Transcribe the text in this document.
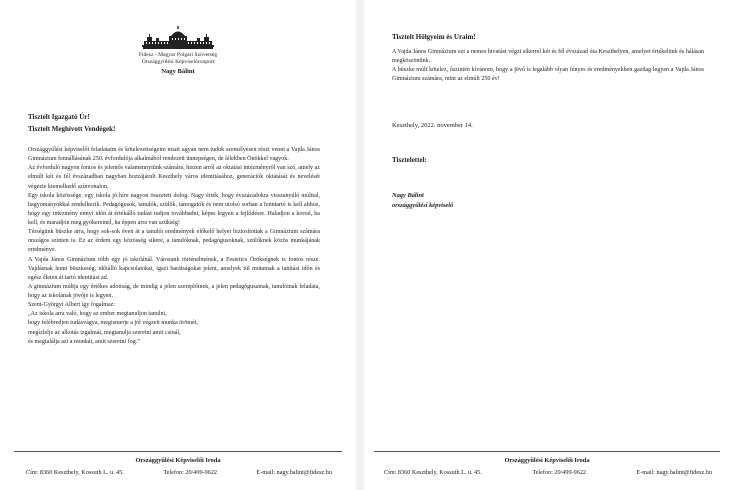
Fidesz - Magyar Polgári Szövetség
Országgyűlési Képviselőcsoport
Nagy Bálint
Tisztelt Igazgató Úr!
Tisztelt Meghívott Vendégek!

Országgyűlési képviselői feladataim és kötelezettségeim miatt ugyan nem tudok személyesen részt venni a Vajda János Gimnázium fennállásának 250. évfordulója alkalmából rendezett ünnepségen, de lélekben Önökkel vagyok.

Az évforduló nagyon fontos és jelentős valamennyiünk számára, hiszen arról az oktatási intézményről van szó, amely az elmúlt két és fél évszázadban nagyban hozzájárult Keszthely város identitásához, generációk oktatását és nevelését végezte kiemelkedő színvonalon.

Egy iskola közössége, egy iskola jó híre nagyon összetett dolog. Nagy érték, hogy évszázadokra visszanyúló múlttal, hagyományokkal rendelkezik. Pedagógusok, tanulók, szülők, támogatók és nem utolsó sorban a fenntartó is kell ahhoz, hogy egy intézmény ennyi időn át értékálló tudást tudjon továbbadni, képes legyen a fejlődésre. Haladjon a korral, ha kell, és maradjon meg gyökereinél, ha éppen arra van szükség!

Térségünk büszke arra, hogy sok-sok éven át a tanulói eredmények előkelő helyet biztosítottak a Gimnázium számára országos szinten is. Ez az érdem egy közösség sikere, a tanulóknak, pedagógusoknak, szülőknek közös munkájának eredménye.

A Vajda János Gimnázium több egy jó iskolánál. Városunk történelmének, a Festetics Örökségnek is fontos része. Vajdásnak lenni büszkeség, időtálló kapcsolatokat, igazi barátságokat jelent, amelyek túl mutatnak a tanítási időn és egész életen át tartó identitást ad.

A gimnázium múltja egy értékes adottság, de mindig a jelen szereplőinek, a jelen pedagógusainak, tanulóinak feladata, hogy az iskolának jövője is legyen.

Szent-Györgyi Albert így fogalmaz:

„Az iskola arra való, hogy az ember megtanuljon tanulni,

hogy felébredjen tudásvágya, megismerje a jól végzett munka örömét,

megízlelje az alkotás izgalmát, megtanulja szeretni amit csinál,

és megtalálja azt a munkát, amit szeretni fog.”

Országgyűlési Képviselői Iroda
Cím: 8360 Keszthely, Kossuth L. u. 45.	Telefon: 20/499-9622	E-mail: nagy.balint@fidesz.hu
Tisztelt Hölgyeim és Uraim!

A Vajda János Gimnázium ezt a nemes hivatást végzi sikerrel két és fél évszázad óta Keszthelyen, amelyet értékelünk és hálásan megköszönünk.

A büszke múlt kötelez, őszintén kívánom, hogy a jövő is legalább olyan fényes és eredményekben gazdag legyen a Vajda János Gimnázium számára, mint az elmúlt 250 év!

Keszthely, 2022. november 14.
Tisztelettel:
Nagy Bálint
országgyűlési képviselő
Országgyűlési Képviselői Iroda
Cím: 8360 Keszthely, Kossuth L. u. 45.	Telefon: 20/499-9622	E-mail: nagy.balint@fidesz.hu
